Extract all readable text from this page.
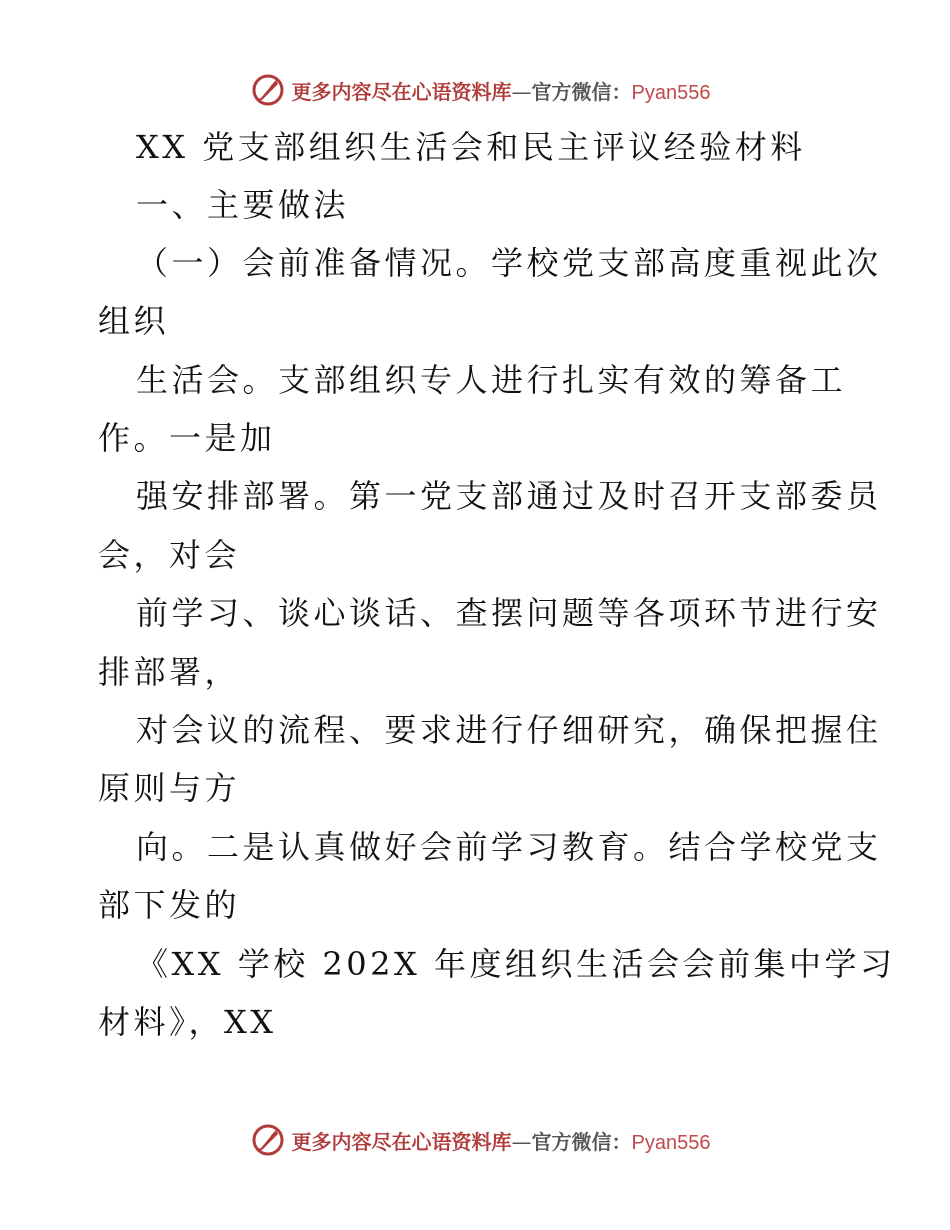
更多内容尽在心语资料库—官方微信：Pyan556
XX 党支部组织生活会和民主评议经验材料
一、主要做法
（一）会前准备情况。学校党支部高度重视此次
组织
生活会。支部组织专人进行扎实有效的筹备工
作。一是加
强安排部署。第一党支部通过及时召开支部委员
会，对会
前学习、谈心谈话、查摆问题等各项环节进行安
排部署，
对会议的流程、要求进行仔细研究，确保把握住
原则与方
向。二是认真做好会前学习教育。结合学校党支
部下发的
《XX 学校 202X 年度组织生活会会前集中学习
材料》，XX
更多内容尽在心语资料库—官方微信：Pyan556
